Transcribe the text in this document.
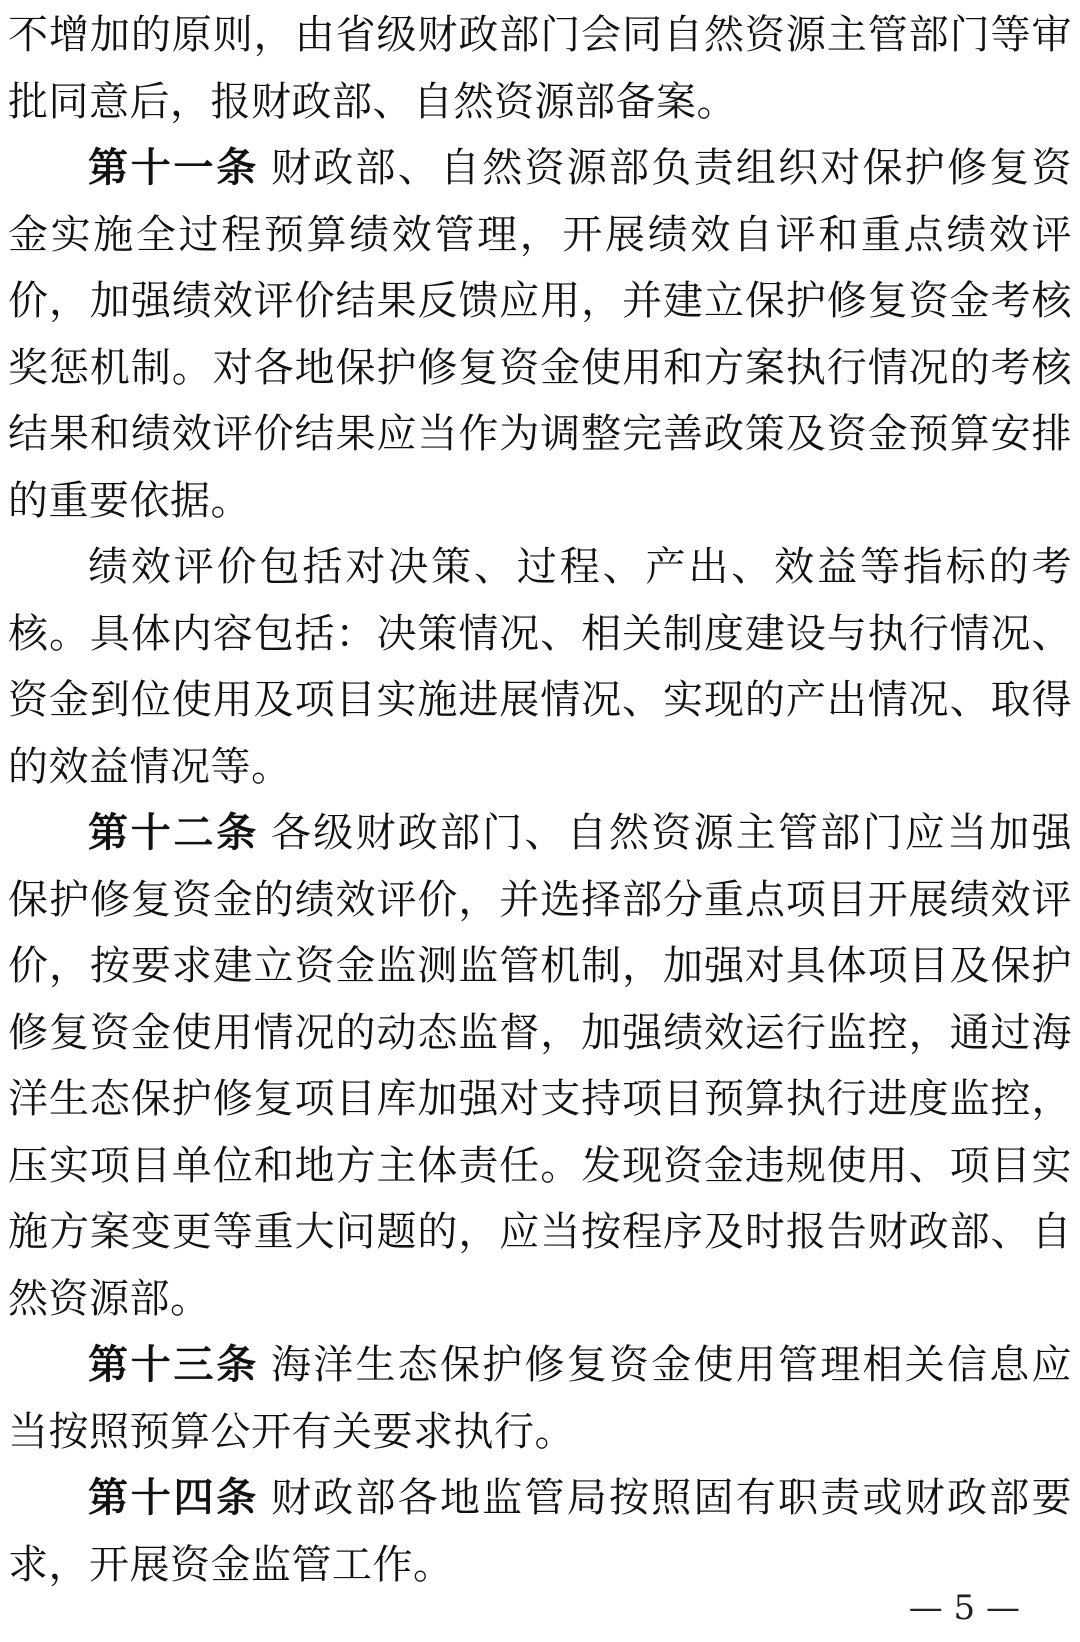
不增加的原则，由省级财政部门会同自然资源主管部门等审批同意后，报财政部、自然资源部备案。

第十一条 财政部、自然资源部负责组织对保护修复资金实施全过程预算绩效管理，开展绩效自评和重点绩效评价，加强绩效评价结果反馈应用，并建立保护修复资金考核奖惩机制。对各地保护修复资金使用和方案执行情况的考核结果和绩效评价结果应当作为调整完善政策及资金预算安排的重要依据。

绩效评价包括对决策、过程、产出、效益等指标的考核。具体内容包括：决策情况、相关制度建设与执行情况、资金到位使用及项目实施进展情况、实现的产出情况、取得的效益情况等。

第十二条 各级财政部门、自然资源主管部门应当加强保护修复资金的绩效评价，并选择部分重点项目开展绩效评价，按要求建立资金监测监管机制，加强对具体项目及保护修复资金使用情况的动态监督，加强绩效运行监控，通过海洋生态保护修复项目库加强对支持项目预算执行进度监控，压实项目单位和地方主体责任。发现资金违规使用、项目实施方案变更等重大问题的，应当按程序及时报告财政部、自然资源部。

第十三条 海洋生态保护修复资金使用管理相关信息应当按照预算公开有关要求执行。

第十四条 财政部各地监管局按照固有职责或财政部要求，开展资金监管工作。

— 5 —
